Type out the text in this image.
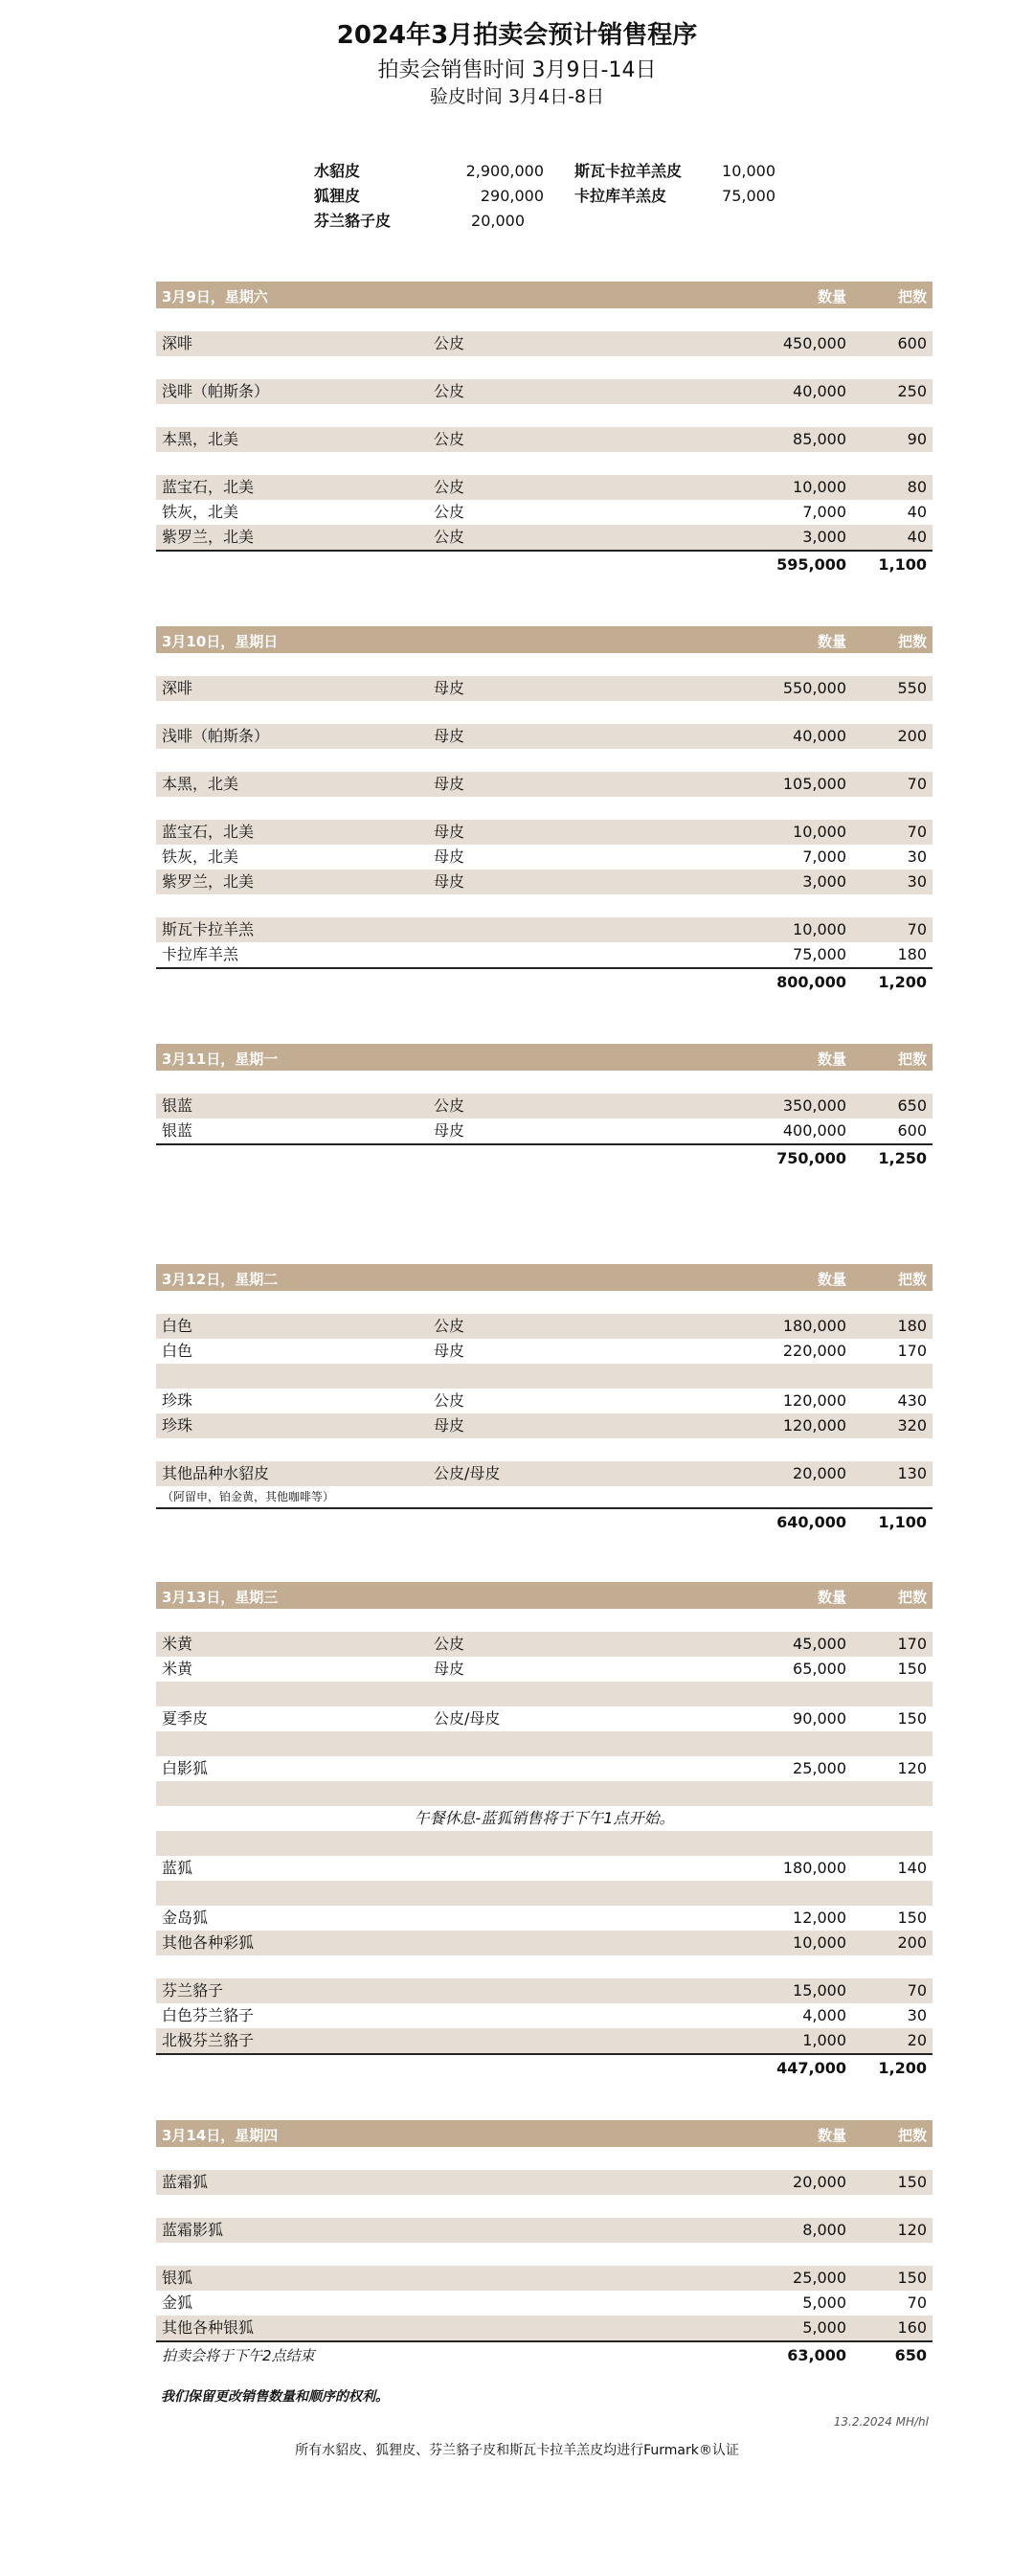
2024年3月拍卖会预计销售程序
拍卖会销售时间 3月9日-14日
验皮时间 3月4日-8日
水貂皮	2,900,000
狐狸皮	290,000
芬兰貉子皮	20,000
斯瓦卡拉羊羔皮	10,000
卡拉库羊羔皮	75,000
3月9日，星期六	数量	把数
深啡	公皮	450,000	600
浅啡（帕斯条）	公皮	40,000	250
本黑，北美	公皮	85,000	90
蓝宝石，北美	公皮	10,000	80
铁灰，北美	公皮	7,000	40
紫罗兰，北美	公皮	3,000	40
595,000 1,100
3月10日，星期日	数量	把数
深啡	母皮	550,000	550
浅啡（帕斯条）	母皮	40,000	200
本黑，北美	母皮	105,000	70
蓝宝石，北美	母皮	10,000	70
铁灰，北美	母皮	7,000	30
紫罗兰，北美	母皮	3,000	30
斯瓦卡拉羊羔	10,000	70
卡拉库羊羔	75,000	180
800,000 1,200
3月11日，星期一	数量	把数
银蓝	公皮	350,000	650
银蓝	母皮	400,000	600
750,000 1,250
3月12日，星期二	数量	把数
白色	公皮	180,000	180
白色	母皮	220,000	170
珍珠	公皮	120,000	430
珍珠	母皮	120,000	320
其他品种水貂皮	公皮/母皮	20,000	130
（阿留申，铂金黄，其他咖啡等）
640,000 1,100
3月13日，星期三	数量	把数
米黄	公皮	45,000	170
米黄	母皮	65,000	150
夏季皮	公皮/母皮	90,000	150
白影狐	25,000	120
午餐休息-蓝狐销售将于下午1点开始。
蓝狐	180,000	140
金岛狐	12,000	150
其他各种彩狐	10,000	200
芬兰貉子	15,000	70
白色芬兰貉子	4,000	30
北极芬兰貉子	1,000	20
447,000 1,200
3月14日，星期四	数量	把数
蓝霜狐	20,000	150
蓝霜影狐	8,000	120
银狐	25,000	150
金狐	5,000	70
其他各种银狐	5,000	160
拍卖会将于下午2点结束	63,000	650
我们保留更改销售数量和顺序的权利。
13.2.2024 MH/hl
所有水貂皮、狐狸皮、芬兰貉子皮和斯瓦卡拉羊羔皮均进行Furmark®认证
